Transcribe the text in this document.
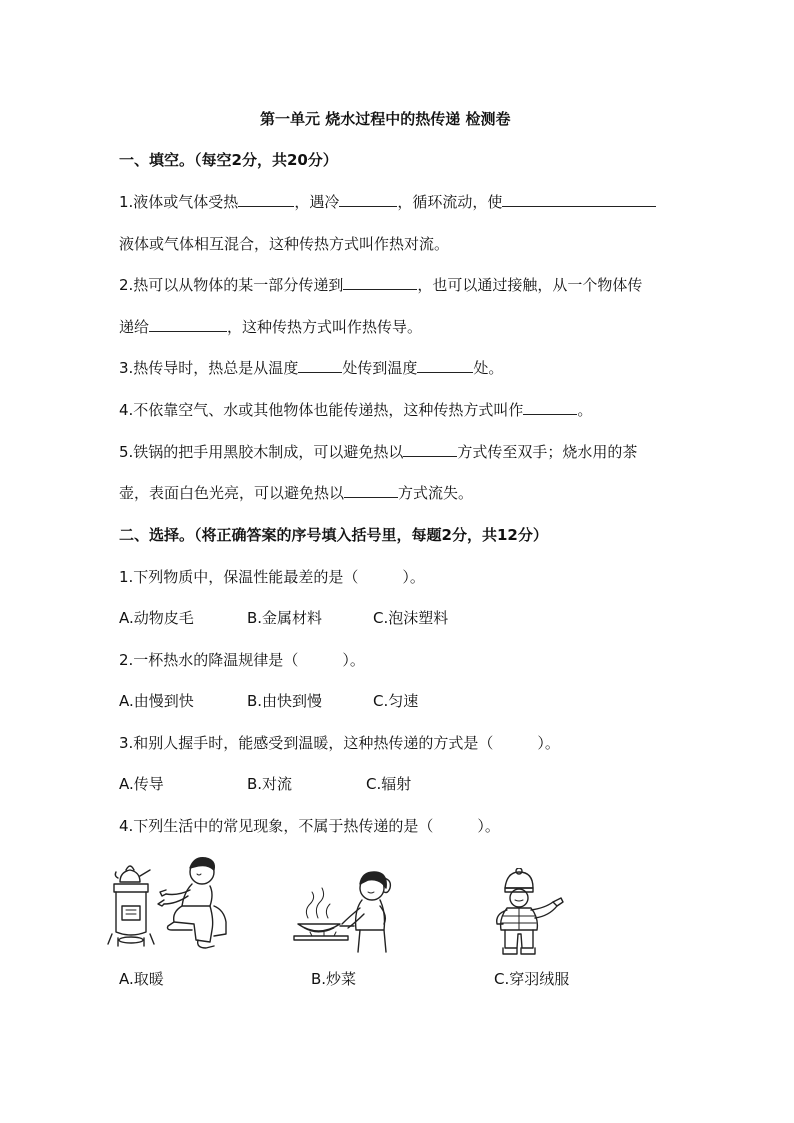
第一单元 烧水过程中的热传递 检测卷
一、填空。（每空2分，共20分）
1.液体或气体受热	，遇冷	，循环流动，使
液体或气体相互混合，这种传热方式叫作热对流。
2.热可以从物体的某一部分传递到	，也可以通过接触，从一个物体传
递给	，这种传热方式叫作热传导。
3.热传导时，热总是从温度	处传到温度	处。
4.不依靠空气、水或其他物体也能传递热，这种传热方式叫作	。
5.铁锅的把手用黑胶木制成，可以避免热以	方式传至双手；烧水用的茶
壶，表面白色光亮，可以避免热以	方式流失。
二、选择。（将正确答案的序号填入括号里，每题2分，共12分）
1.下列物质中，保温性能最差的是（	）。
A.动物皮毛	B.金属材料	C.泡沫塑料
2.一杯热水的降温规律是（	）。
A.由慢到快	B.由快到慢	C.匀速
3.和别人握手时，能感受到温暖，这种热传递的方式是（	）。
A.传导	B.对流	C.辐射
4.下列生活中的常见现象，不属于热传递的是（	）。
A.取暖	B.炒菜	C.穿羽绒服
